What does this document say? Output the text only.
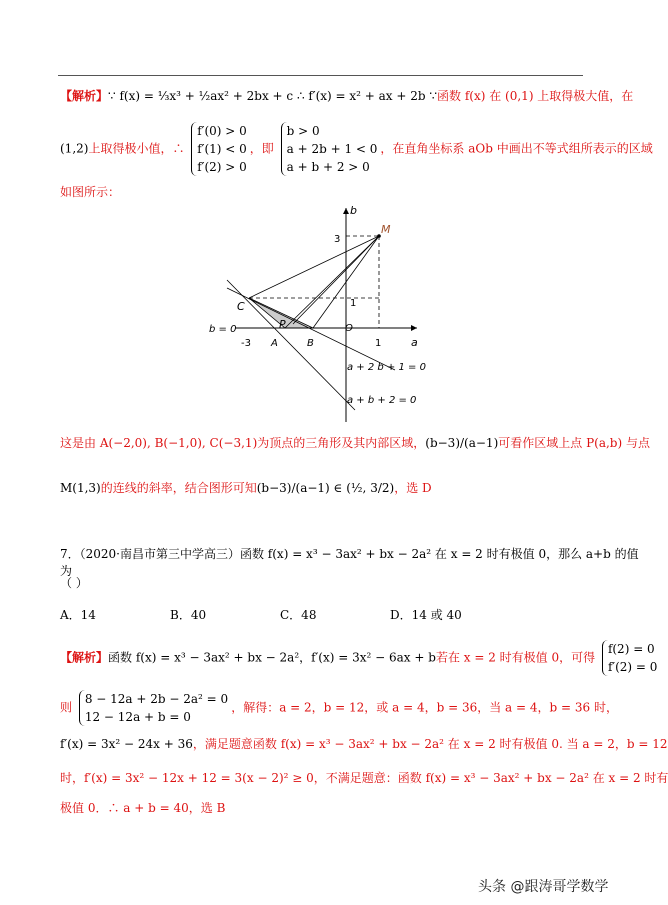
【解析】∵ f(x) = ⅓x³ + ½ax² + 2bx + c ∴ f′(x) = x² + ax + 2b ∵函数 f(x) 在 (0,1) 上取得极大值，在
(1,2)上取得极小值，∴
f′(0) > 0
f′(1) < 0
f′(2) > 0
，即
b > 0
a + 2b + 1 < 0
a + b + 2 > 0
，在直角坐标系 aOb 中画出不等式组所表示的区域
如图所示：
b
a
M
C
P
A	B
O
3
1
1
-3
b = 0
a + 2 b + 1 = 0
a + b + 2 = 0
这是由 A(−2,0), B(−1,0), C(−3,1)为顶点的三角形及其内部区域，(b−3)/(a−1)可看作区域上点 P(a,b) 与点
M(1,3)的连线的斜率，结合图形可知(b−3)/(a−1) ∈ (½, 3/2)，选 D
7．（2020·南昌市第三中学高三）函数 f(x) = x³ − 3ax² + bx − 2a² 在 x = 2 时有极值 0，那么 a+b 的值为
（ ）
A．14	B．40	C．48	D．14 或 40
【解析】函数 f(x) = x³ − 3ax² + bx − 2a²，f′(x) = 3x² − 6ax + b若在 x = 2 时有极值 0，可得
f(2) = 0
f′(2) = 0
则
8 − 12a + 2b − 2a² = 0
12 − 12a + b = 0
，解得：a = 2，b = 12，或 a = 4，b = 36，当 a = 4，b = 36 时，
f′(x) = 3x² − 24x + 36，满足题意函数 f(x) = x³ − 3ax² + bx − 2a² 在 x = 2 时有极值 0. 当 a = 2，b = 12
时，f′(x) = 3x² − 12x + 12 = 3(x − 2)² ≥ 0，不满足题意：函数 f(x) = x³ − 3ax² + bx − 2a² 在 x = 2 时有
极值 0．∴ a + b = 40，选 B
头条 @跟涛哥学数学
